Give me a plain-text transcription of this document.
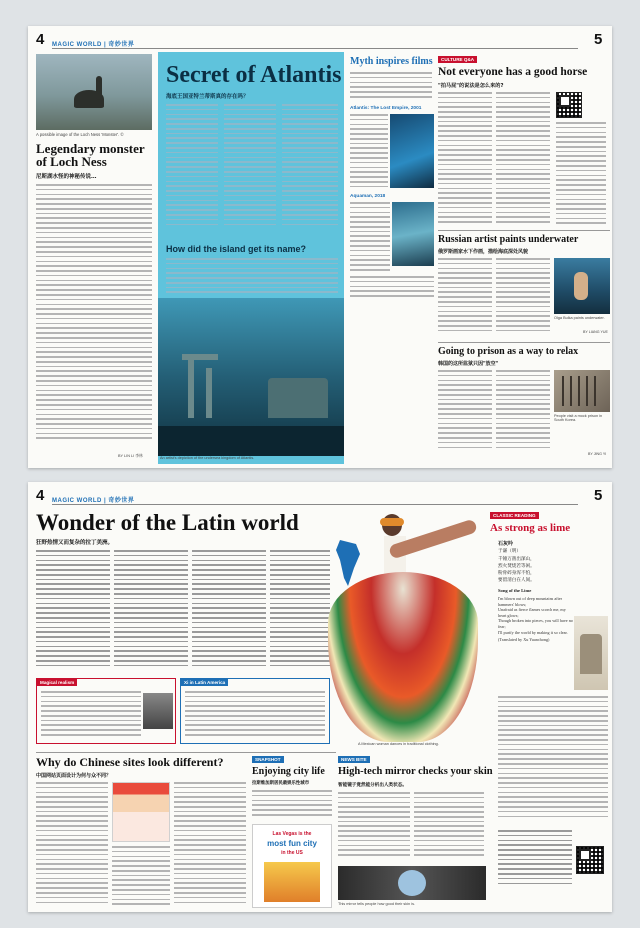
4 MAGIC WORLD | 奇妙世界	5
A possible image of the Loch Ness 'Monster'. ©
Legendary monster of Loch Ness
尼斯湖水怪的神秘传说…
BY LIN LI 李林
Secret of Atlantis
海底王国亚特兰蒂斯真的存在吗？
How did the island get its name?
An artist's depiction of the undersea kingdom of Atlantis.
Myth inspires films
Atlantis: The Lost Empire, 2001
Aquaman, 2018
CULTURE Q&A
Not everyone has a good horse
"拍马屁"的说法是怎么来的?
Russian artist paints underwater
俄罗斯画家水下作画，描绘海底深处风貌
Olga Bulka paints underwater.
BY LIANG YUE
Going to prison as a way to relax
韩国的这所监狱只因"放空"
People visit a mock prison in South Korea.
BY JING YI
4 MAGIC WORLD | 奇妙世界	5
Wonder of the Latin world
狂野热情又而复杂的拉丁美洲。
Magical realism	Xi in Latin America
A Mexican woman dances in traditional clothing.
CLASSIC READING
As strong as lime
石灰吟
于谦（明）
千锤万凿出深山，
烈火焚烧若等闲。
粉骨碎身浑不怕，
要留清白在人间。
Song of the Lime
I'm blown out of deep mountains after hammers' blows;
Unafraid as fierce flames scorch me, my heart glows;
Though broken into pieces, you will have no fear;
I'll purify the world by making it so clear.
(Translated by Xu Yuanchong)
Why do Chinese sites look different?
中国网站页面设计为何与众不同？
SNAPSHOT
Enjoying city life
拉斯维加斯居民最娱乐性城市
Las Vegas is the
most fun city
in the US
NEWS BITE
High-tech mirror checks your skin
智能镜子竟然能分析出人类状态。
This mirror tells people how good their skin is.
